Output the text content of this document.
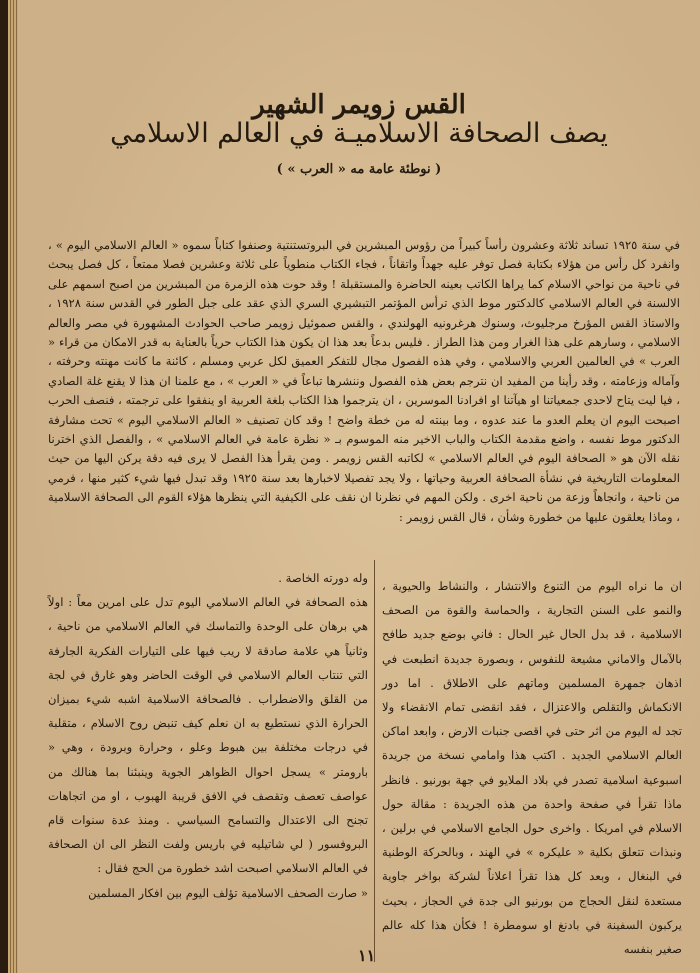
القس زويمر الشهير
يصف الصحافة الاسلاميـة في العالم الاسلامي
( نوطئة عامة مه « العرب » )

في سنة ١٩٢٥ تساند ثلاثة وعشرون رأساً كبيراً من رؤوس المبشرين في البروتستنتية وصنفوا كتاباً سموه « العالم الاسلامي اليوم » ، وانفرد كل رأس من هؤلاء بكتابة فصل توفر عليه جهداً واتقاناً ، فجاء الكتاب منطوياً على ثلاثة وعشرين فصلا ممتعاً ، كل فصل يبحث في ناحية من نواحي الاسلام كما يراها الكاتب بعينه الحاضرة والمستقبلة ! وقد حوت هذه الزمرة من المبشرين من اصبح اسمهم على الالسنة في العالم الاسلامي كالدكتور موط الذي ترأس المؤتمر التبشيري السري الذي عقد على جبل الطور في القدس سنة ١٩٢٨ ، والاستاذ القس المؤرخ مرجليوث، وسنوك هرغرونيه الهولندي ، والقس صموئيل زويمر صاحب الحوادث المشهورة في مصر والعالم الاسلامي ، وسارهم على هذا الغرار ومن هذا الطراز . فليس بدعاً بعد هذا ان يكون هذا الكتاب حرياً بالعناية به قدر الامكان من قراء « العرب » في العالمين العربي والاسلامي ، وفي هذه الفصول مجال للتفكر العميق لكل عربي ومسلم ، كائنة ما كانت مهنته وحرفته ، وآماله وزعامته ، وقد رأينا من المفيد ان نترجم بعض هذه الفصول وننشرها تباعاً في « العرب » ، مع علمنا ان هذا لا يقنع غلة الصادي ، فيا ليت يتاح لاحدى جمعياتنا او هيآتنا او افرادنا الموسرين ، ان يترجموا هذا الكتاب بلغة العربية او ينفقوا على ترجمته ، فنصف الحرب اصبحت اليوم ان يعلم العدو ما عند عدوه ، وما بينته له من خطة واضح ! وقد كان تصنيف « العالم الاسلامي اليوم » تحت مشارفة الدكتور موط نفسه ، واضع مقدمة الكتاب والباب الاخير منه الموسوم بـ « نظرة عامة في العالم الاسلامي » ، والفصل الذي اخترنا نقله الآن هو « الصحافة اليوم في العالم الاسلامي » لكاتبه القس زويمر . ومن يقرأ هذا الفصل لا يرى فيه دقة يركن اليها من حيث المعلومات التاريخية في نشأة الصحافة العربية وحياتها ، ولا يجد تفصيلا لاخبارها بعد سنة ١٩٢٥ وقد تبدل فيها شيء كثير منها ، فرمي من ناحية ، وانجاهاً وزعة من ناحية اخرى . ولكن المهم في نظرنا ان نقف على الكيفية التي ينظرها هؤلاء القوم الى الصحافة الاسلامية ، وماذا يعلقون عليها من خطورة وشأن ، قال القس زويمر :

ان ما نراه اليوم من التنوع والانتشار ، والنشاط والحيوية ، والنمو على السنن التجارية ، والحماسة والقوة من الصحف الاسلامية ، قد بدل الحال غير الحال : فاني بوضع جديد طافح بالآمال والاماني مشيعة للنفوس ، وبصورة جديدة انطبعت في اذهان جمهرة المسلمين وماتهم على الاطلاق . اما دور الانكماش والتقلص والاعتزال ، فقد انقضى تمام الانقضاء ولا تجد له اليوم من اثر حتى في اقصى جنبات الارض ، وابعد اماكن العالم الاسلامي الجديد . اكتب هذا وامامي نسخة من جريدة اسبوعية اسلامية تصدر في بلاد الملايو في جهة بورنيو . فانظر ماذا تقرأ في صفحة واحدة من هذه الجريدة : مقالة حول الاسلام في امريكا . واخرى حول الجامع الاسلامي في برلين ، ونبذات تتعلق بكلية « عليكره » في الهند ، وبالحركة الوطنية في البنغال ، وبعد كل هذا تقرأ اعلاناً لشركة بواخر جاوية مستعدة لنقل الحجاج من بورنيو الى جدة في الحجاز ، بحيث يركبون السفينة في بادنغ او سومطرة ! فكأن هذا كله عالم صغير بنفسه

وله دورته الخاصة .

هذه الصحافة في العالم الاسلامي اليوم تدل على امرين معاً : اولاً هي برهان على الوحدة والتماسك في العالم الاسلامي من ناحية ، وثانياً هي علامة صادقة لا ريب فيها على التيارات الفكرية الجارفة التي تنتاب العالم الاسلامي في الوقت الحاضر وهو غارق في لجة من القلق والاضطراب . فالصحافة الاسلامية اشبه شيء بميزان الحرارة الذي نستطيع به ان نعلم كيف تنبض روح الاسلام ، متقلبة في درجات مختلفة بين هبوط وعلو ، وحرارة وبرودة ، وهي « بارومتر » يسجل احوال الظواهر الجوية وينبئنا بما هنالك من عواصف تعصف وتقصف في الافق قريبة الهبوب ، او من اتجاهات تجنح الى الاعتدال والتسامح السياسي . ومنذ عدة سنوات قام البروفسور ( لي شاتيليه في باريس ولفت النظر الى ان الصحافة في العالم الاسلامي اصبحت اشد خطورة من الحج فقال :

« صارت الصحف الاسلامية تؤلف اليوم بين افكار المسلمين

١١
